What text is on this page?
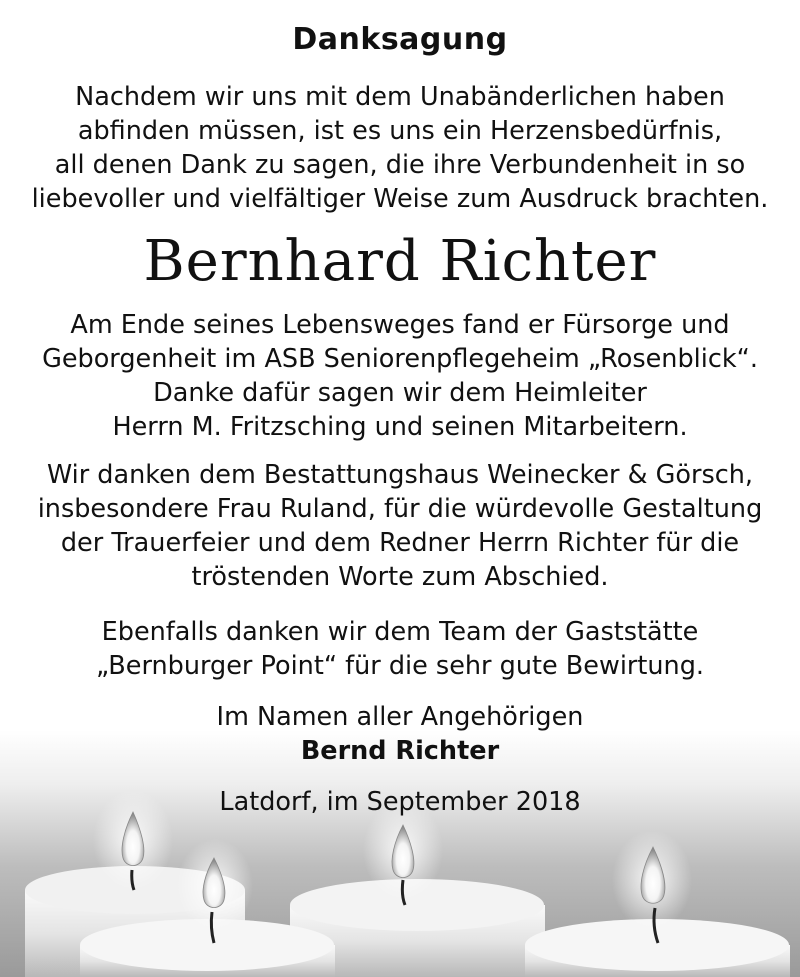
Danksagung
Nachdem wir uns mit dem Unabänderlichen haben
abfinden müssen, ist es uns ein Herzensbedürfnis,
all denen Dank zu sagen, die ihre Verbundenheit in so
liebevoller und vielfältiger Weise zum Ausdruck brachten.
Bernhard Richter
Am Ende seines Lebensweges fand er Fürsorge und
Geborgenheit im ASB Seniorenpflegeheim „Rosenblick“.
Danke dafür sagen wir dem Heimleiter
Herrn M. Fritzsching und seinen Mitarbeitern.
Wir danken dem Bestattungshaus Weinecker & Görsch,
insbesondere Frau Ruland, für die würdevolle Gestaltung
der Trauerfeier und dem Redner Herrn Richter für die
tröstenden Worte zum Abschied.
Ebenfalls danken wir dem Team der Gaststätte
„Bernburger Point“ für die sehr gute Bewirtung.
Im Namen aller Angehörigen
Bernd Richter
Latdorf, im September 2018
